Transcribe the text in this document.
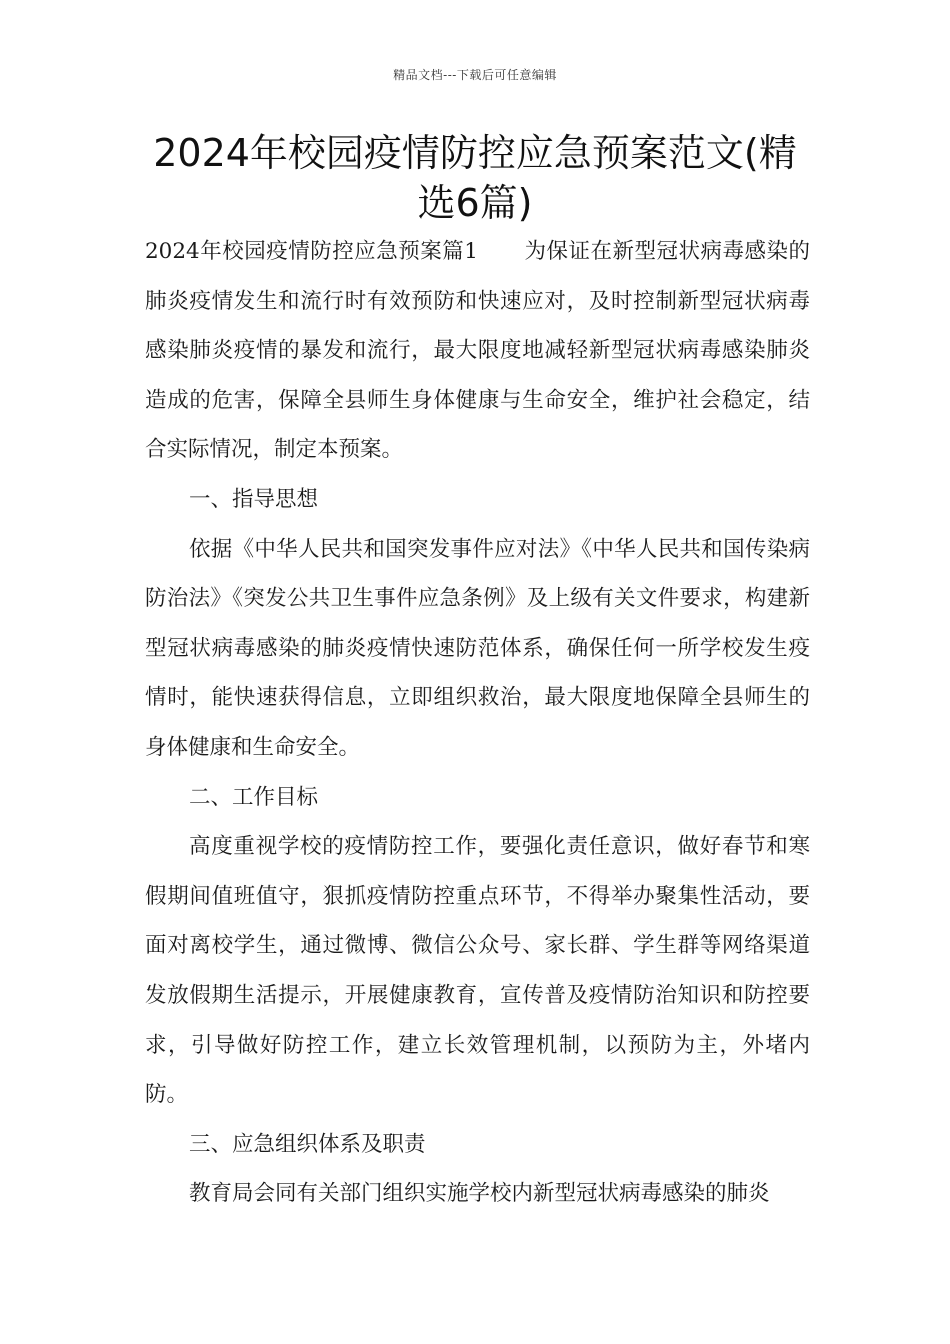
精品文档---下载后可任意编辑
2024年校园疫情防控应急预案范文(精选6篇)

2024年校园疫情防控应急预案篇1 为保证在新型冠状病毒感染的肺炎疫情发生和流行时有效预防和快速应对，及时控制新型冠状病毒感染肺炎疫情的暴发和流行，最大限度地减轻新型冠状病毒感染肺炎造成的危害，保障全县师生身体健康与生命安全，维护社会稳定，结合实际情况，制定本预案。

一、指导思想

依据《中华人民共和国突发事件应对法》《中华人民共和国传染病防治法》《突发公共卫生事件应急条例》及上级有关文件要求，构建新型冠状病毒感染的肺炎疫情快速防范体系，确保任何一所学校发生疫情时，能快速获得信息，立即组织救治，最大限度地保障全县师生的身体健康和生命安全。

二、工作目标

高度重视学校的疫情防控工作，要强化责任意识，做好春节和寒假期间值班值守，狠抓疫情防控重点环节，不得举办聚集性活动，要面对离校学生，通过微博、微信公众号、家长群、学生群等网络渠道发放假期生活提示，开展健康教育，宣传普及疫情防治知识和防控要求，引导做好防控工作，建立长效管理机制，以预防为主，外堵内防。

三、应急组织体系及职责

教育局会同有关部门组织实施学校内新型冠状病毒感染的肺炎
